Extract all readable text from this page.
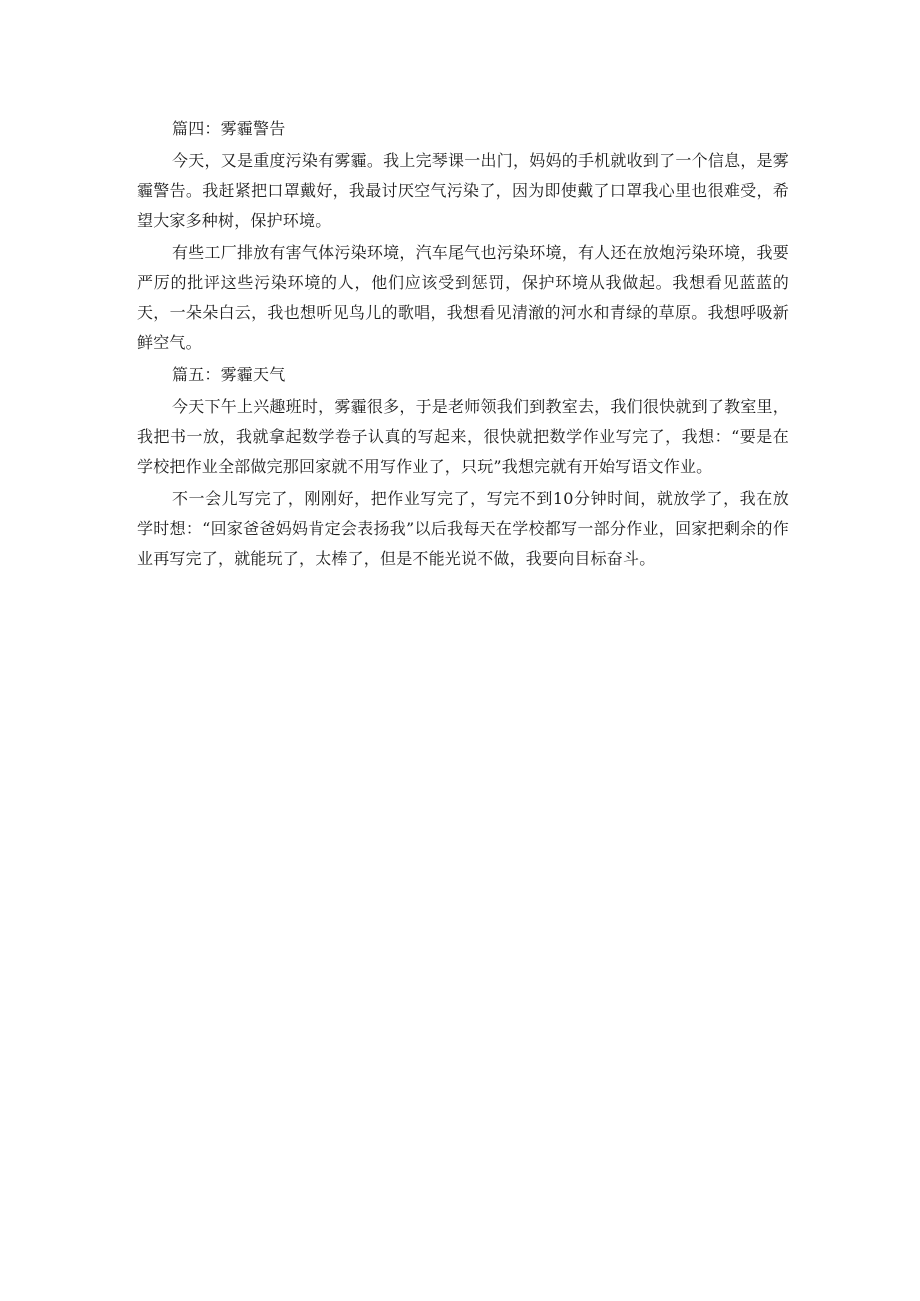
篇四：雾霾警告

今天，又是重度污染有雾霾。我上完琴课一出门，妈妈的手机就收到了一个信息，是雾霾警告。我赶紧把口罩戴好，我最讨厌空气污染了，因为即使戴了口罩我心里也很难受，希望大家多种树，保护环境。

有些工厂排放有害气体污染环境，汽车尾气也污染环境，有人还在放炮污染环境，我要严厉的批评这些污染环境的人，他们应该受到惩罚，保护环境从我做起。我想看见蓝蓝的天，一朵朵白云，我也想听见鸟儿的歌唱，我想看见清澈的河水和青绿的草原。我想呼吸新鲜空气。

篇五：雾霾天气

今天下午上兴趣班时，雾霾很多，于是老师领我们到教室去，我们很快就到了教室里，我把书一放，我就拿起数学卷子认真的写起来，很快就把数学作业写完了，我想：“要是在学校把作业全部做完那回家就不用写作业了，只玩”我想完就有开始写语文作业。

不一会儿写完了，刚刚好，把作业写完了，写完不到10分钟时间，就放学了，我在放学时想：“回家爸爸妈妈肯定会表扬我”以后我每天在学校都写一部分作业，回家把剩余的作业再写完了，就能玩了，太棒了，但是不能光说不做，我要向目标奋斗。
